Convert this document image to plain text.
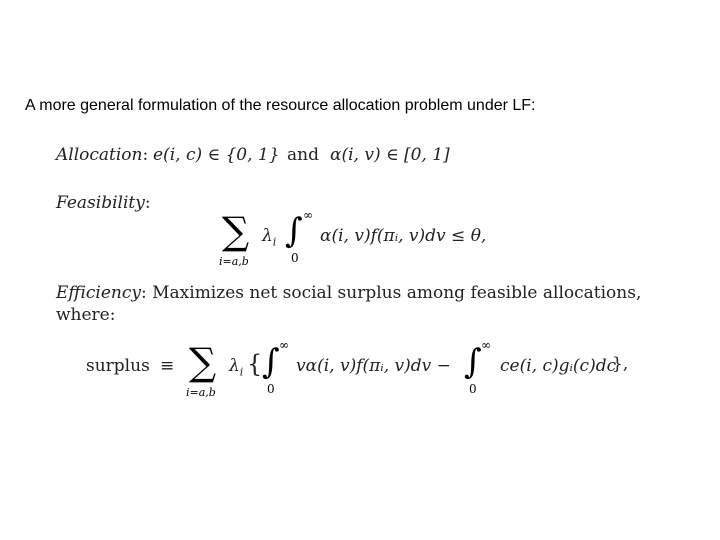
A more general formulation of the resource allocation problem under LF:
Allocation: e(i, c) ∈ {0, 1} and α(i, v) ∈ [0, 1]
Feasibility:
∑
i=a,b
$\lambda_i$ ∫ ∞
0
α(i, v)f(πᵢ, v)dv ≤ θ,
Efficiency: Maximizes net social surplus among feasible allocations,
where:
surplus ≡ ∑
i=a,b
$\lambda_i$ { ∫ ∞
0
vα(i, v)f(πᵢ, v)dv − ∫ ∞
0
ce(i, c)gᵢ(c)dc
},
